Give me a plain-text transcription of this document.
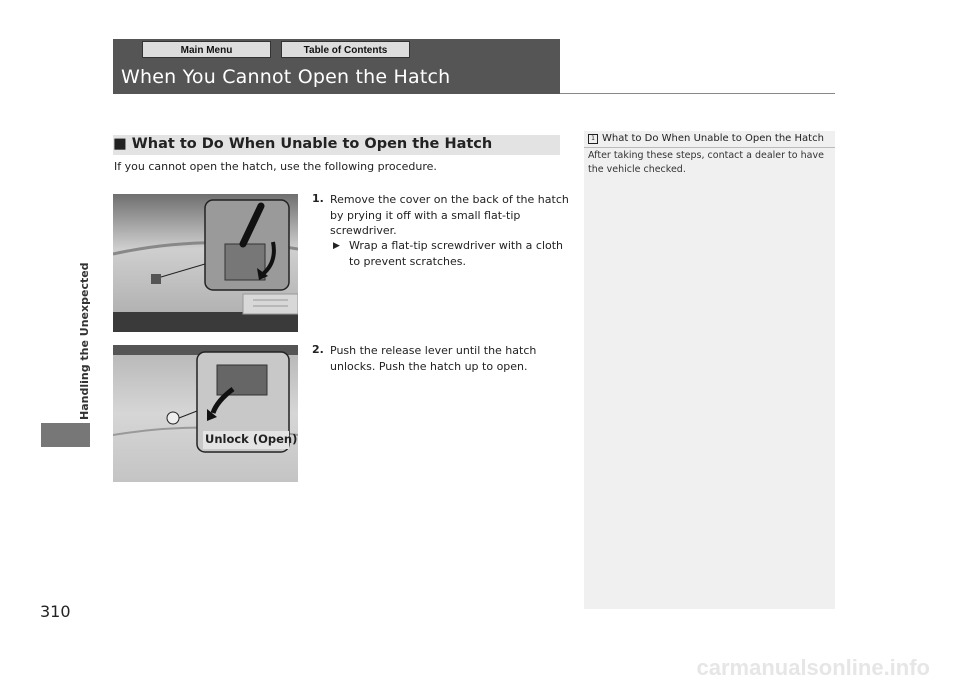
Main Menu	Table of Contents
When You Cannot Open the Hatch
Handling the Unexpected
310
■ What to Do When Unable to Open the Hatch
If you cannot open the hatch, use the following procedure.
1. Remove the cover on the back of the hatch
by prying it off with a small flat-tip
screwdriver.
▶ Wrap a flat-tip screwdriver with a cloth
to prevent scratches.
Unlock (Open)
2. Push the release lever until the hatch
unlocks. Push the hatch up to open.
1 What to Do When Unable to Open the Hatch
After taking these steps, contact a dealer to have
the vehicle checked.
carmanualsonline.info
